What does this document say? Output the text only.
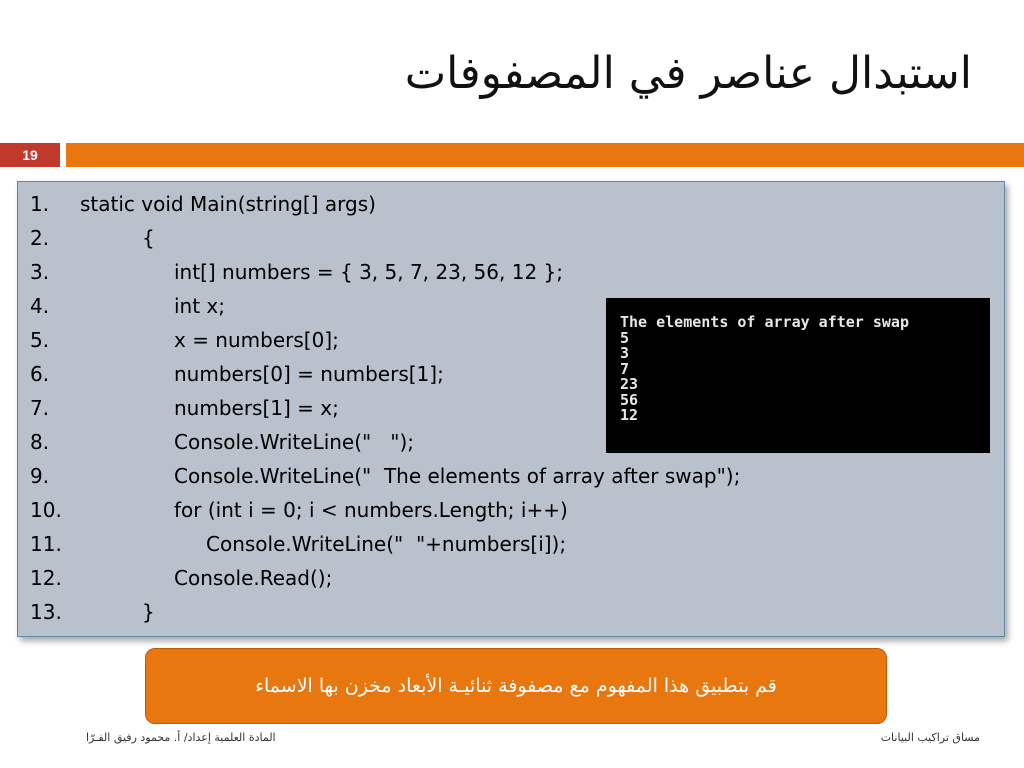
استبدال عناصر في المصفوفات
19
1. static void Main(string[] args)
2.	{
3.	int[] numbers = { 3, 5, 7, 23, 56, 12 };
4.	int x;
5.	x = numbers[0];
6.	numbers[0] = numbers[1];
7.	numbers[1] = x;
8.	Console.WriteLine("   ");
9.	Console.WriteLine("  The elements of array after swap");
10.	for (int i = 0; i < numbers.Length; i++)
11.	Console.WriteLine("  "+numbers[i]);
12.	Console.Read();
13.	}
The elements of array after swap
5
3
7
23
56
12
قم بتطبيق هذا المفهوم مع مصفوفة ثنائيـة الأبعاد مخزن بها الاسماء
المادة العلمية إعداد/ أ. محمود رفيق الفـرّا	مساق تراكيب البيانات
